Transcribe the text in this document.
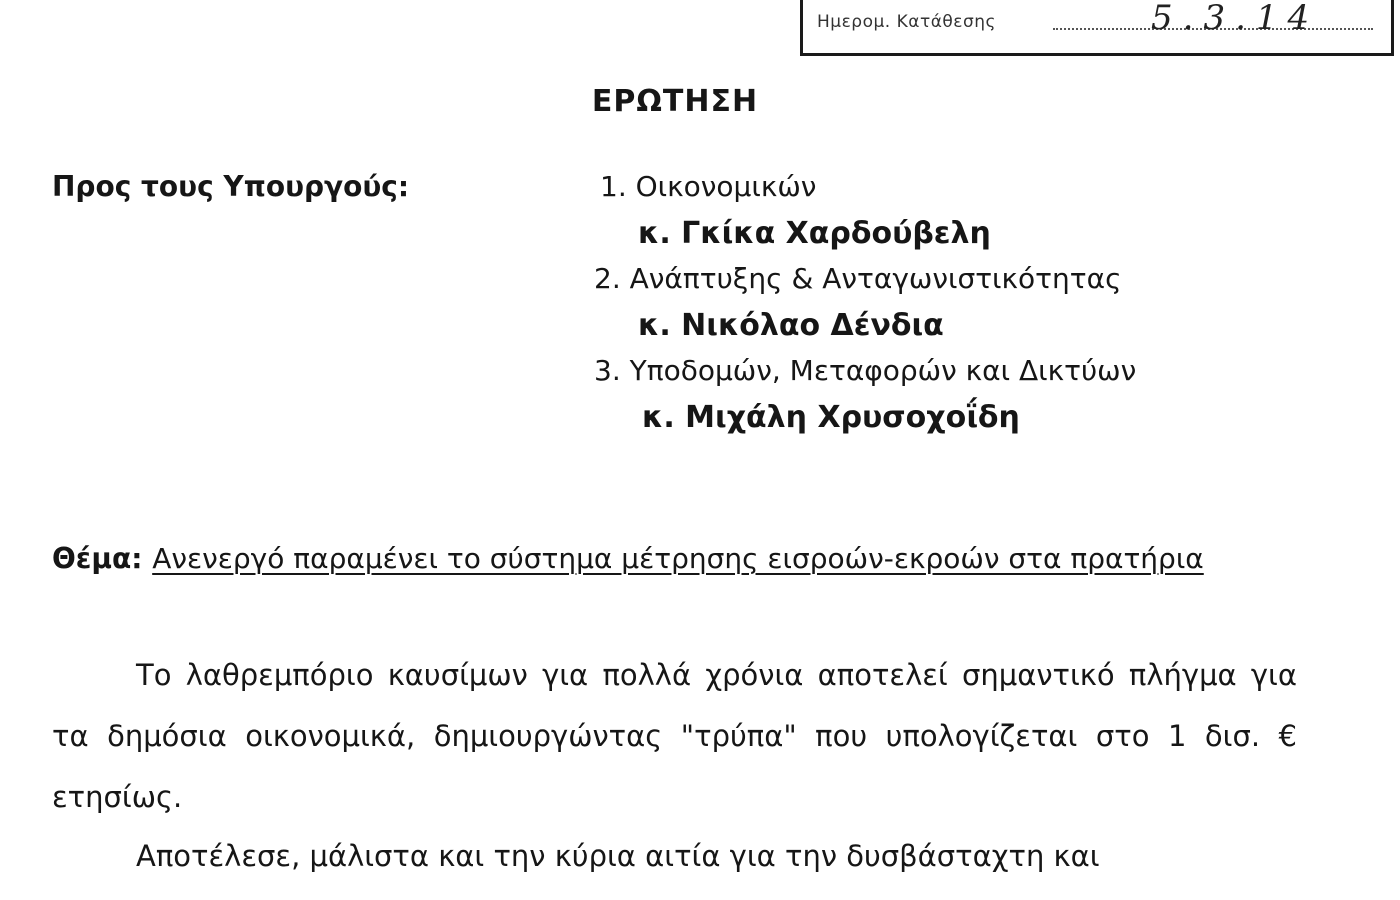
Ημερομ. Κατάθεσης	5.3.14
ΕΡΩΤΗΣΗ
Προς τους Υπουργούς:	1. Οικονομικών
κ. Γκίκα Χαρδούβελη
2. Ανάπτυξης & Ανταγωνιστικότητας
κ. Νικόλαο Δένδια
3. Υποδομών, Μεταφορών και Δικτύων
κ. Μιχάλη Χρυσοχοΐδη
Θέμα: Ανενεργό παραμένει το σύστημα μέτρησης εισροών-εκροών στα πρατήρια

Το λαθρεμπόριο καυσίμων για πολλά χρόνια αποτελεί σημαντικό πλήγμα για τα δημόσια οικονομικά, δημιουργώντας "τρύπα" που υπολογίζεται στο 1 δισ. € ετησίως.

Αποτέλεσε, μάλιστα και την κύρια αιτία για την δυσβάσταχτη και
